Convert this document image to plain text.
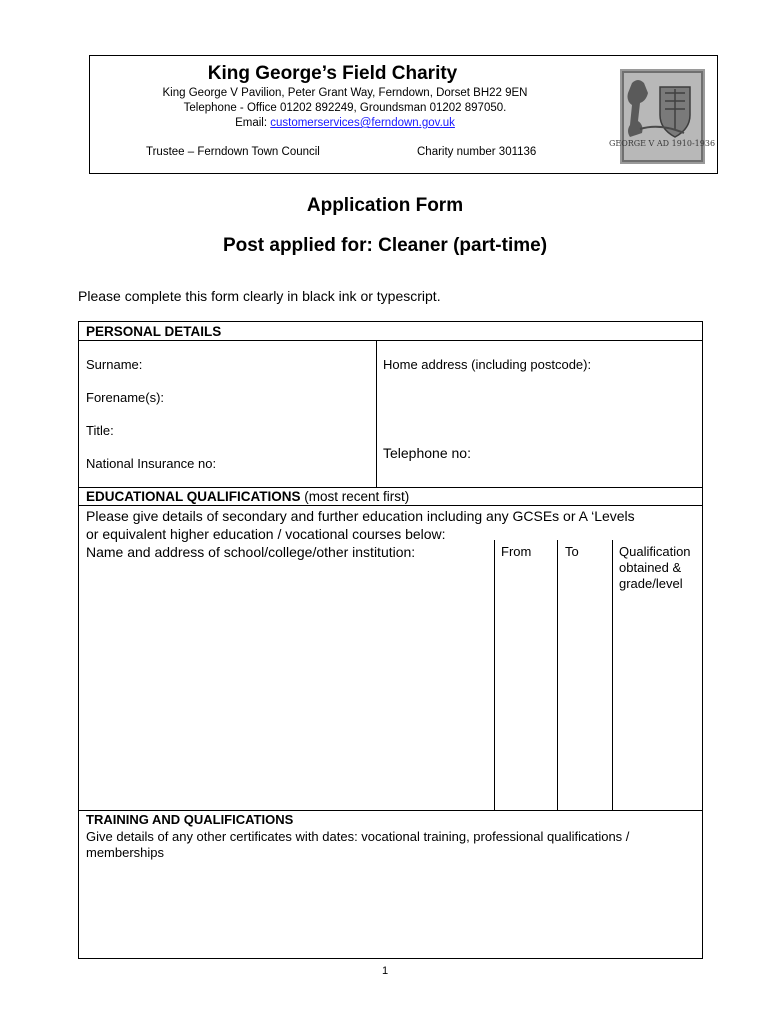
King George’s Field Charity
King George V Pavilion, Peter Grant Way, Ferndown, Dorset BH22 9EN
Telephone - Office 01202 892249, Groundsman 01202 897050.
Email: customerservices@ferndown.gov.uk
Trustee – Ferndown Town Council	Charity number 301136
GEORGE V AD 1910-1936
Application Form
Post applied for: Cleaner (part-time)
Please complete this form clearly in black ink or typescript.
PERSONAL DETAILS
Surname:
Forename(s):
Title:
National Insurance no:
Home address (including postcode):
Telephone no:
EDUCATIONAL QUALIFICATIONS (most recent first)
Please give details of secondary and further education including any GCSEs or A ‘Levels
or equivalent higher education / vocational courses below:
Name and address of school/college/other institution:	From	To	Qualification
obtained &
grade/level
TRAINING AND QUALIFICATIONS
Give details of any other certificates with dates: vocational training, professional qualifications /
memberships
1
